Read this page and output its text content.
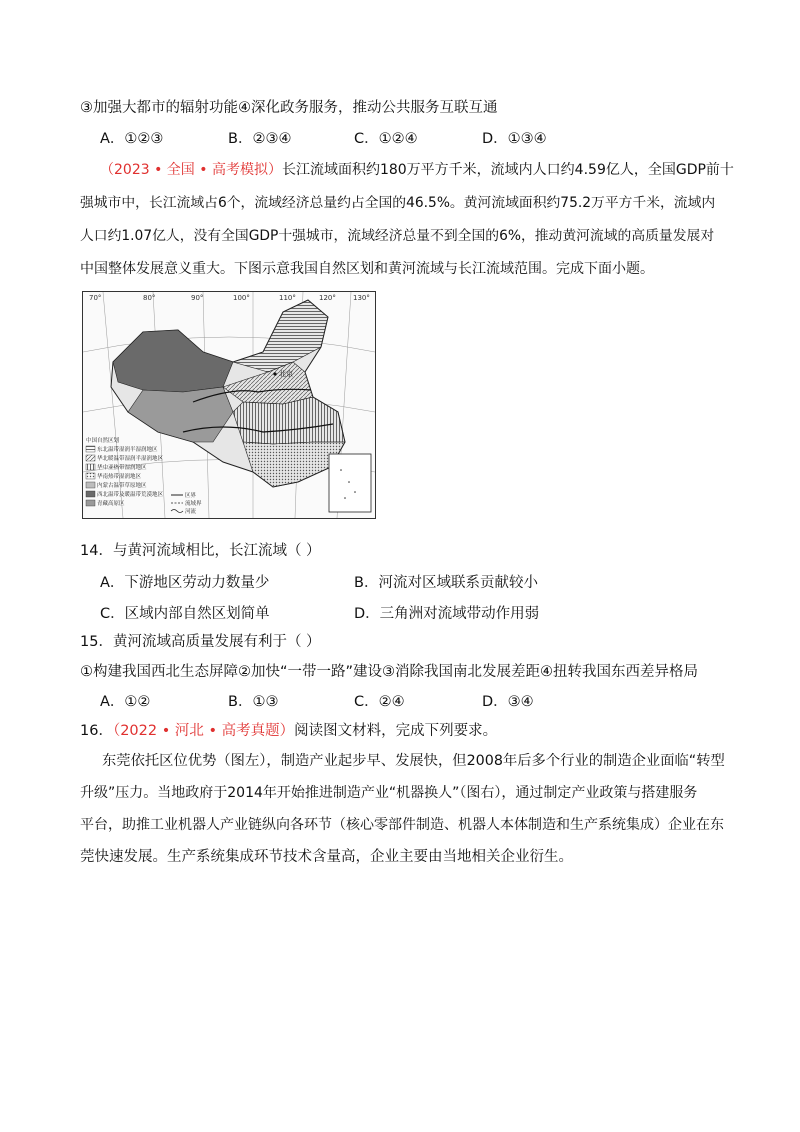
③加强大都市的辐射功能④深化政务服务，推动公共服务互联互通
A．①②③	B．②③④	C．①②④	D．①③④
（2023 • 全国 • 高考模拟）长江流域面积约180万平方千米，流域内人口约4.59亿人，全国GDP前十
强城市中，长江流域占6个，流域经济总量约占全国的46.5%。黄河流域面积约75.2万平方千米，流域内
人口约1.07亿人，没有全国GDP十强城市，流域经济总量不到全国的6%，推动黄河流域的高质量发展对
中国整体发展意义重大。下图示意我国自然区划和黄河流域与长江流域范围。完成下面小题。
70°	80°	90°	100°	110°	120° 130°
北京
中国自然区划
东北温带湿润半湿润地区
华北暖温带湿润半湿润地区
华中亚热带湿润地区
华南热带湿润地区
内蒙古温带草原地区
西北温带及暖温带荒漠地区
青藏高原区
区界
流域界
河流
14．与黄河流域相比，长江流域（ ）
A．下游地区劳动力数量少	B．河流对区域联系贡献较小
C．区域内部自然区划简单	D．三角洲对流域带动作用弱
15．黄河流域高质量发展有利于（ ）
①构建我国西北生态屏障②加快“一带一路”建设③消除我国南北发展差距④扭转我国东西差异格局
A．①②	B．①③	C．②④	D．③④
16．（2022 • 河北 • 高考真题）阅读图文材料，完成下列要求。
东莞依托区位优势（图左），制造产业起步早、发展快，但2008年后多个行业的制造企业面临“转型
升级”压力。当地政府于2014年开始推进制造产业“机器换人”（图右），通过制定产业政策与搭建服务
平台，助推工业机器人产业链纵向各环节（核心零部件制造、机器人本体制造和生产系统集成）企业在东
莞快速发展。生产系统集成环节技术含量高，企业主要由当地相关企业衍生。
